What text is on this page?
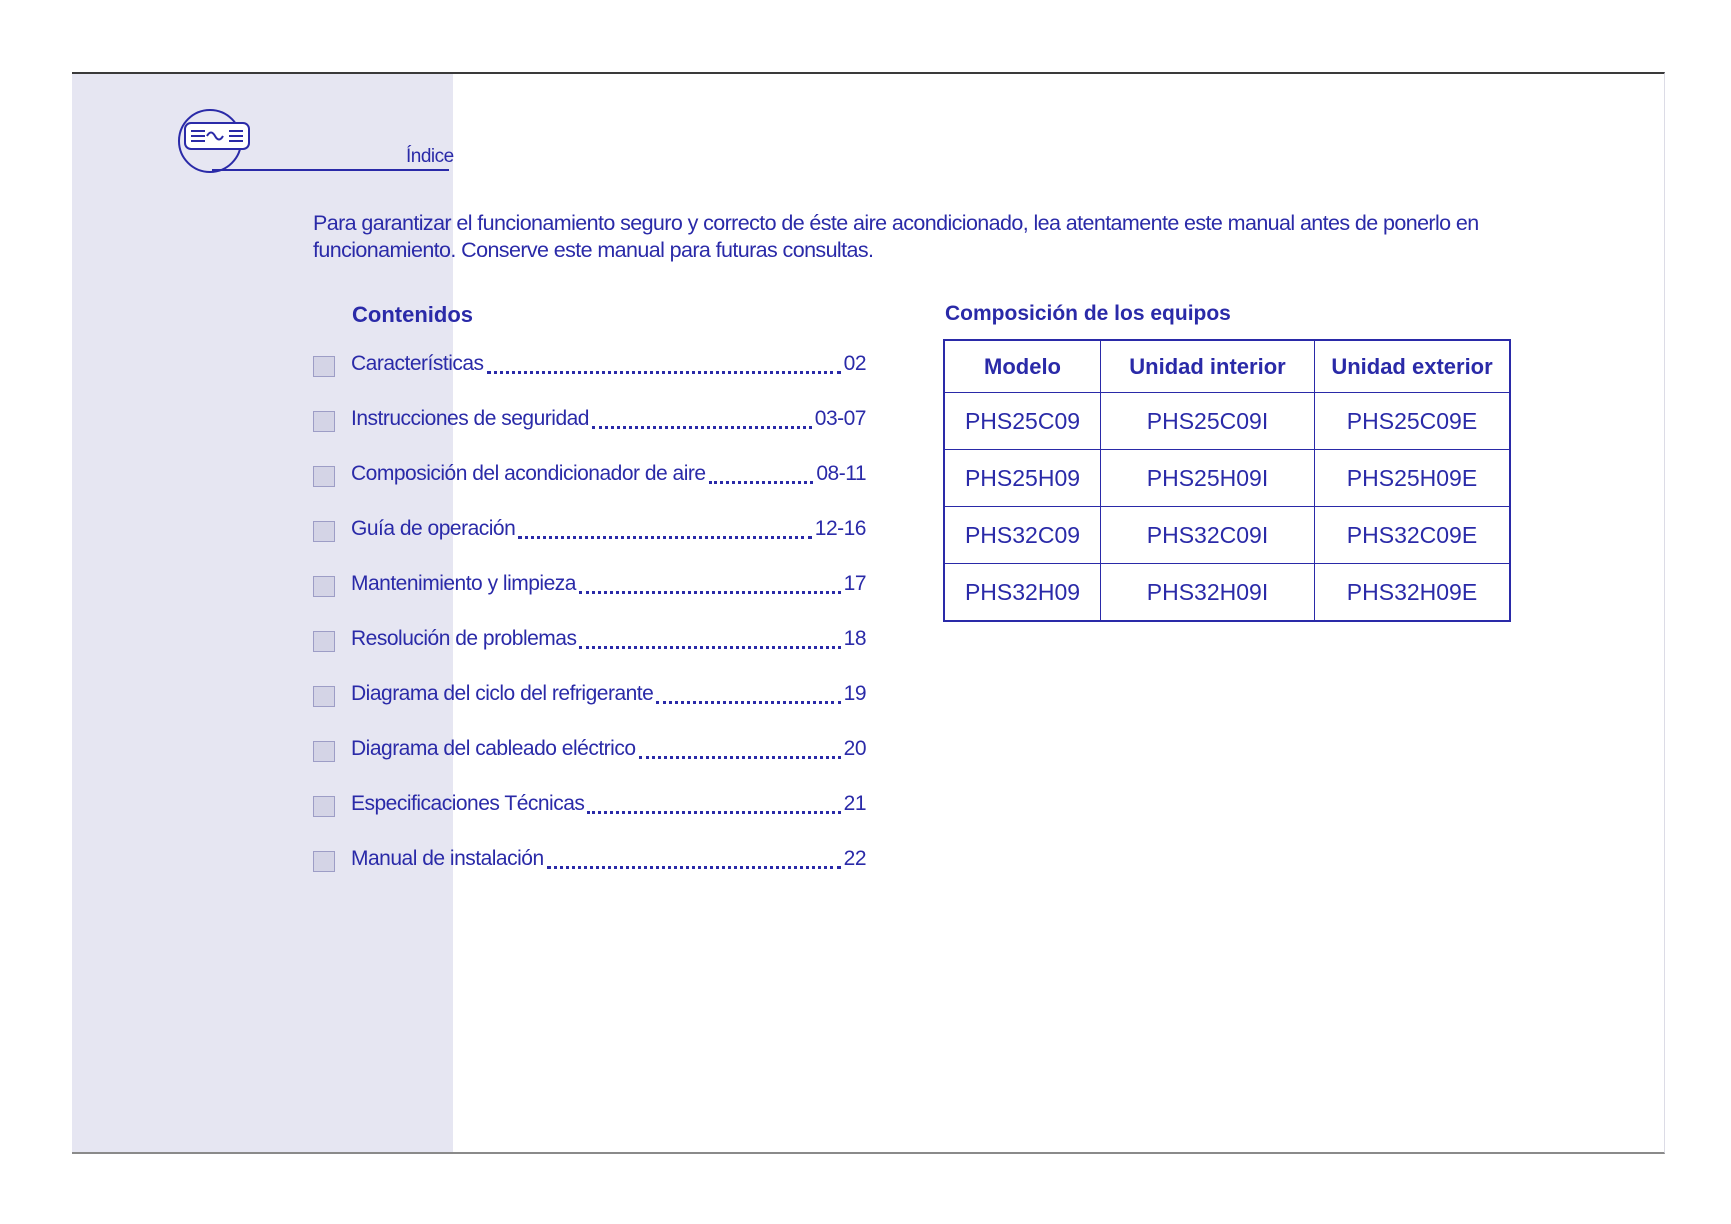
Índice

Para garantizar el funcionamiento seguro y correcto de éste aire acondicionado, lea atentamente este manual antes de ponerlo en funcionamiento. Conserve este manual para futuras consultas.

Contenidos
Características	02
Instrucciones de seguridad	03-07
Composición del acondicionador de aire	08-11
Guía de operación	12-16
Mantenimiento y limpieza	17
Resolución de problemas	18
Diagrama del ciclo del refrigerante	19
Diagrama del cableado eléctrico	20
Especificaciones Técnicas	21
Manual de instalación	22
Composición de los equipos
Modelo	Unidad interior	Unidad exterior
PHS25C09	PHS25C09I	PHS25C09E
PHS25H09	PHS25H09I	PHS25H09E
PHS32C09	PHS32C09I	PHS32C09E
PHS32H09	PHS32H09I	PHS32H09E
